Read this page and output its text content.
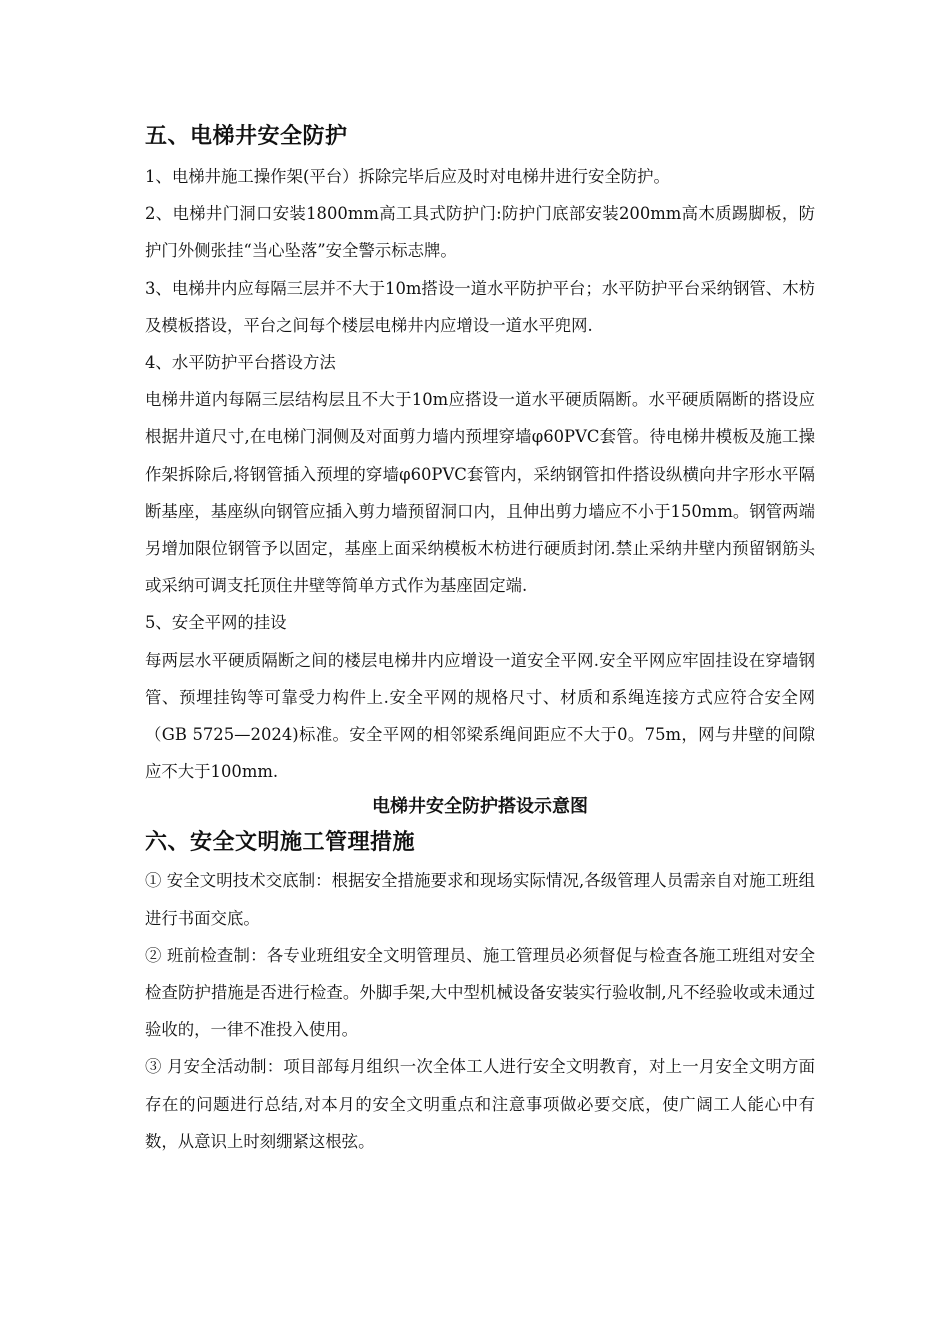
五、电梯井安全防护

1、电梯井施工操作架(平台）拆除完毕后应及时对电梯井进行安全防护。

2、电梯井门洞口安装1800mm高工具式防护门:防护门底部安装200mm高木质踢脚板，防护门外侧张挂“当心坠落”安全警示标志牌。

3、电梯井内应每隔三层并不大于10m搭设一道水平防护平台；水平防护平台采纳钢管、木枋及模板搭设，平台之间每个楼层电梯井内应增设一道水平兜网.

4、水平防护平台搭设方法

电梯井道内每隔三层结构层且不大于10m应搭设一道水平硬质隔断。水平硬质隔断的搭设应根据井道尺寸,在电梯门洞侧及对面剪力墙内预埋穿墙φ60PVC套管。待电梯井模板及施工操作架拆除后,将钢管插入预埋的穿墙φ60PVC套管内，采纳钢管扣件搭设纵横向井字形水平隔断基座，基座纵向钢管应插入剪力墙预留洞口内，且伸出剪力墙应不小于150mm。钢管两端另增加限位钢管予以固定，基座上面采纳模板木枋进行硬质封闭.禁止采纳井壁内预留钢筋头或采纳可调支托顶住井壁等简单方式作为基座固定端.

5、安全平网的挂设

每两层水平硬质隔断之间的楼层电梯井内应增设一道安全平网.安全平网应牢固挂设在穿墙钢管、预埋挂钩等可靠受力构件上.安全平网的规格尺寸、材质和系绳连接方式应符合安全网（GB 5725—2024)标准。安全平网的相邻梁系绳间距应不大于0。75m，网与井壁的间隙应不大于100mm.

电梯井安全防护搭设示意图

六、安全文明施工管理措施

① 安全文明技术交底制：根据安全措施要求和现场实际情况,各级管理人员需亲自对施工班组进行书面交底。

② 班前检查制：各专业班组安全文明管理员、施工管理员必须督促与检查各施工班组对安全检查防护措施是否进行检查。外脚手架,大中型机械设备安装实行验收制,凡不经验收或未通过验收的，一律不准投入使用。

③ 月安全活动制：项目部每月组织一次全体工人进行安全文明教育，对上一月安全文明方面存在的问题进行总结,对本月的安全文明重点和注意事项做必要交底，使广阔工人能心中有数，从意识上时刻绷紧这根弦。
